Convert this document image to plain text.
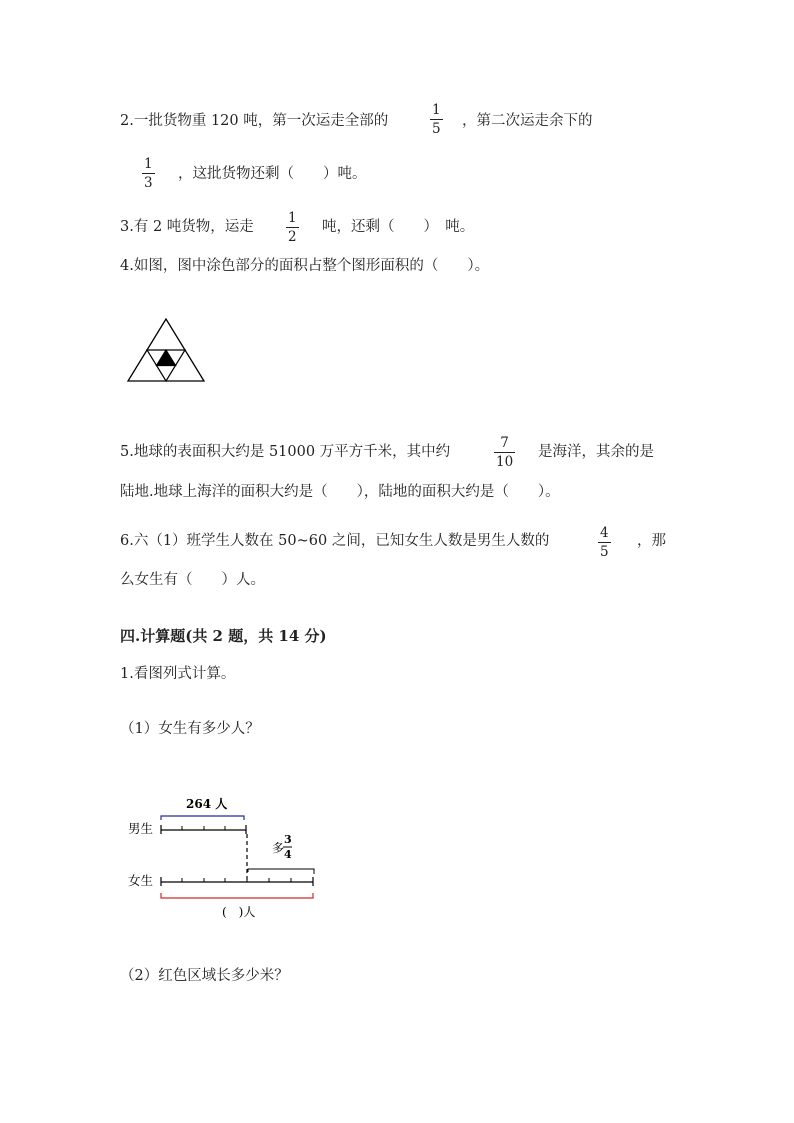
2.一批货物重 120 吨，第一次运走全部的
1
5 ，第二次运走余下的
1
3
，这批货物还剩（　　）吨。
3.有 2 吨货物，运走
1
2
吨，还剩（　　）　吨。
4.如图，图中涂色部分的面积占整个图形面积的（　　）。
5.地球的表面积大约是 51000 万平方千米，其中约
7
10
是海洋，其余的是
陆地.地球上海洋的面积大约是（　　），陆地的面积大约是（　　）。
6.六（1）班学生人数在 50~60 之间，已知女生人数是男生人数的	4
5
，那
么女生有（　　）人。
四.计算题(共 2 题，共 14 分)
1.看图列式计算。
（1）女生有多少人？
男生
女生
264 人
多
3
4
(　)人
（2）红色区域长多少米？
